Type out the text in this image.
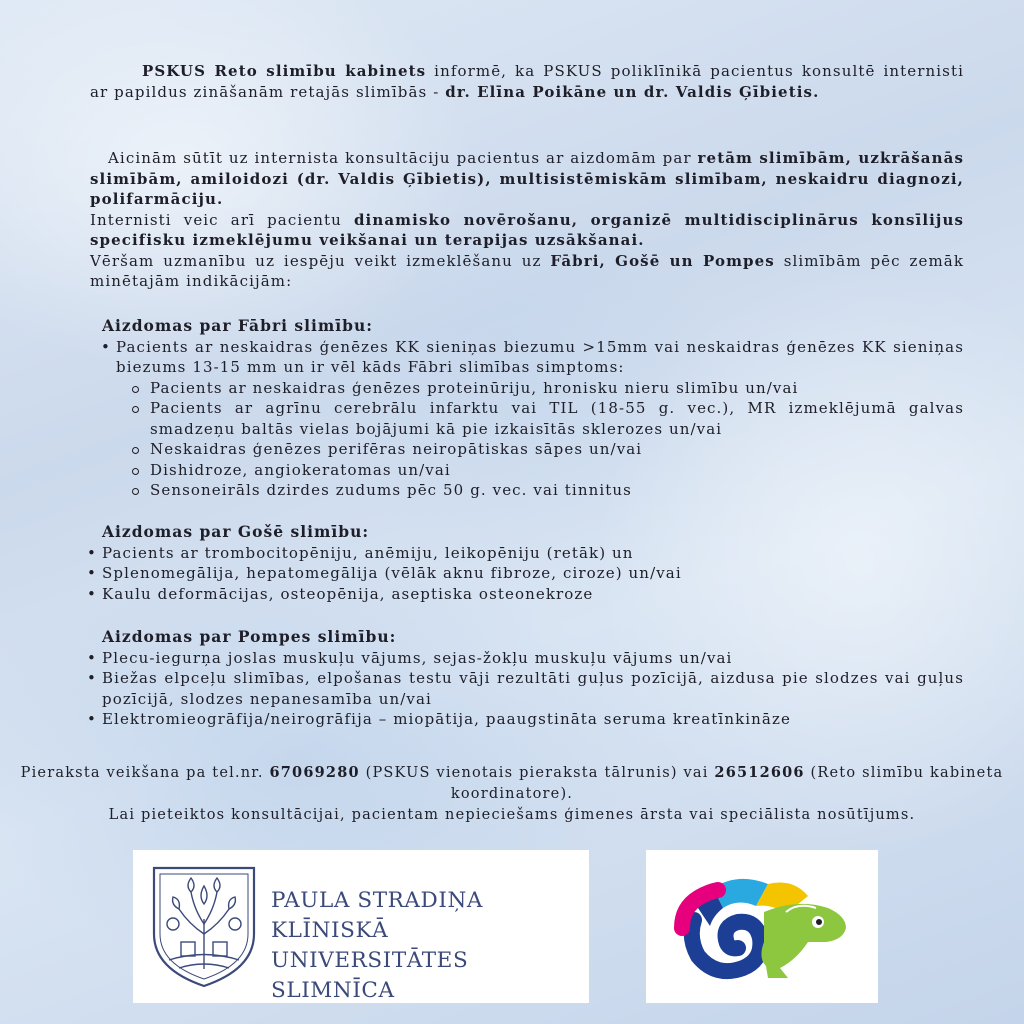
PSKUS Reto slimību kabinets informē, ka PSKUS poliklīnikā pacientus konsultē internisti ar papildus zināšanām retajās slimībās - dr. Elīna Poikāne un dr. Valdis Ģībietis.
Aicinām sūtīt uz internista konsultāciju pacientus ar aizdomām par retām slimībām, uzkrāšanās slimībām, amiloidozi (dr. Valdis Ģībietis), multisistēmiskām slimībam, neskaidru diagnozi, polifarmāciju.
Internisti veic arī pacientu dinamisko novērošanu, organizē multidisciplinārus konsīlijus specifisku izmeklējumu veikšanai un terapijas uzsākšanai.
Vēršam uzmanību uz iespēju veikt izmeklēšanu uz Fābri, Gošē un Pompes slimībām pēc zemāk minētajām indikācijām:
Aizdomas par Fābri slimību:
• Pacients ar neskaidras ģenēzes KK sieniņas biezumu >15mm vai neskaidras ģenēzes KK sieniņas biezums 13-15 mm un ir vēl kāds Fābri slimības simptoms:
Pacients ar neskaidras ģenēzes proteinūriju, hronisku nieru slimību un/vai
Pacients ar agrīnu cerebrālu infarktu vai TIL (18-55 g. vec.), MR izmeklējumā galvas smadzeņu baltās vielas bojājumi kā pie izkaisītās sklerozes un/vai
Neskaidras ģenēzes perifēras neiropātiskas sāpes un/vai
Dishidroze, angiokeratomas un/vai
Sensoneirāls dzirdes zudums pēc 50 g. vec. vai tinnitus
Aizdomas par Gošē slimību:
• Pacients ar trombocitopēniju, anēmiju, leikopēniju (retāk) un
• Splenomegālija, hepatomegālija (vēlāk aknu fibroze, ciroze) un/vai
• Kaulu deformācijas, osteopēnija, aseptiska osteonekroze
Aizdomas par Pompes slimību:
• Plecu-iegurņa joslas muskuļu vājums, sejas-žokļu muskuļu vājums un/vai
• Biežas elpceļu slimības, elpošanas testu vāji rezultāti guļus pozīcijā, aizdusa pie slodzes vai guļus pozīcijā, slodzes nepanesamība un/vai
• Elektromieogrāfija/neirogrāfija – miopātija, paaugstināta seruma kreatīnkināze
Pieraksta veikšana pa tel.nr. 67069280 (PSKUS vienotais pieraksta tālrunis) vai 26512606 (Reto slimību kabineta koordinatore).
Lai pieteiktos konsultācijai, pacientam nepieciešams ģimenes ārsta vai speciālista nosūtījums.
PAULA STRADIŅA
KLĪNISKĀ UNIVERSITĀTES
SLIMNĪCA
